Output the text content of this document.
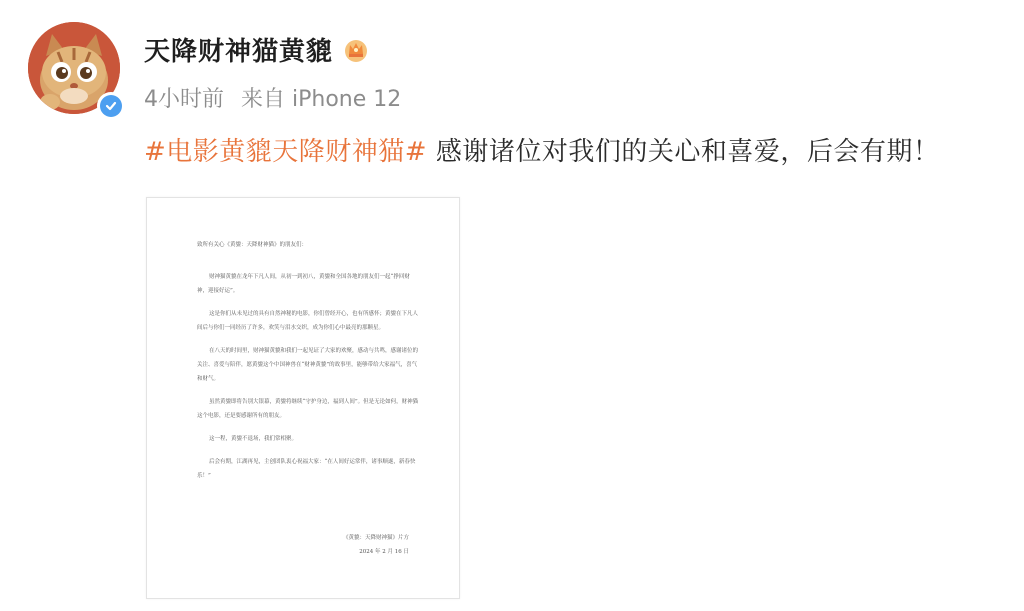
天降财神猫黄貔
4小时前 来自 iPhone 12
#电影黄貔天降财神猫# 感谢诸位对我们的关心和喜爱，后会有期！
致所有关心《黄貔：天降财神猫》的朋友们：

财神猫黄貔在龙年下凡人间，从初一到初八，黄貔和全国各地的朋友们一起“挣回财神，迎接好运”。

这是你们从未见过的具有自然神秘的电影，你们曾经开心，也有所感怀；黄貔在下凡人间后与你们一同经历了许多，欢笑与泪水交织，成为你们心中最亮的那颗星。

在八天的时间里，财神猫黄貔和我们一起见证了大家的欢聚，感动与共鸣，感谢诸位的关注、喜爱与陪伴，愿黄貔这个中国神兽在“财神黄貔”的故事里，能够带给大家福气，喜气和财气。

虽然黄貔即将告别大银幕，黄貔将继续“守护身边，福到人间”。但是无论如何，财神猫这个电影，还是要感谢所有的朋友。

这一程，黄貔不退场，我们常相聚。

后会有期，江湖再见，主创团队衷心祝福大家：“在人间好运常伴，诸事顺遂，新春快乐！”

《黄貔：天降财神猫》片方
2024 年 2 月 16 日
